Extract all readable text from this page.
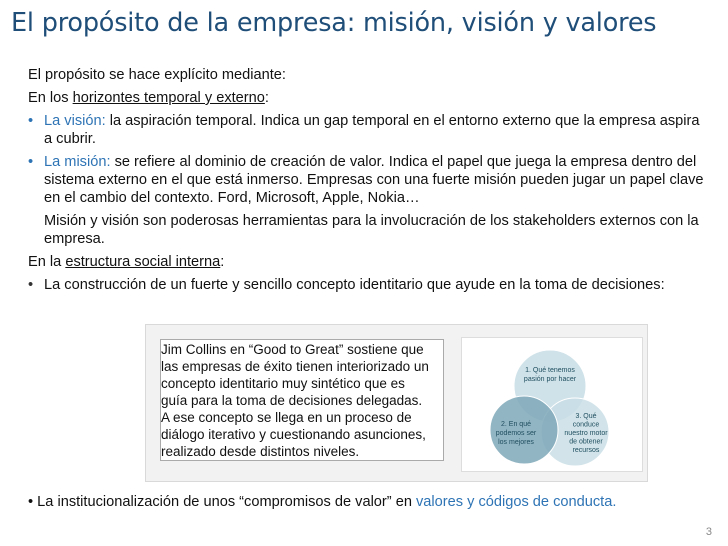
El propósito de la empresa: misión, visión y valores

El propósito se hace explícito mediante:

En los horizontes temporal y externo:

• La visión: la aspiración temporal. Indica un gap temporal en el entorno externo que la empresa aspira a cubrir.
• La misión: se refiere al dominio de creación de valor. Indica el papel que juega la empresa dentro del sistema externo en el que está inmerso. Empresas con una fuerte misión pueden jugar un papel clave en el cambio del contexto. Ford, Microsoft, Apple, Nokia…

Misión y visión son poderosas herramientas para la involucración de los stakeholders externos con la empresa.

En la estructura social interna:

• La construcción de un fuerte y sencillo concepto identitario que ayude en la toma de decisiones:
Jim Collins en “Good to Great” sostiene que
las empresas de éxito tienen interiorizado un
concepto identitario muy sintético que es
guía para la toma de decisiones delegadas.
A ese concepto se llega en un proceso de
diálogo iterativo y cuestionando asunciones,
realizado desde distintos niveles.
1. Qué tenemos pasión por hacer
2. En qué podemos ser los mejores
3. Qué conduce nuestro motor de obtener recursos
• La institucionalización de unos “compromisos de valor” en valores y códigos de conducta.
3
